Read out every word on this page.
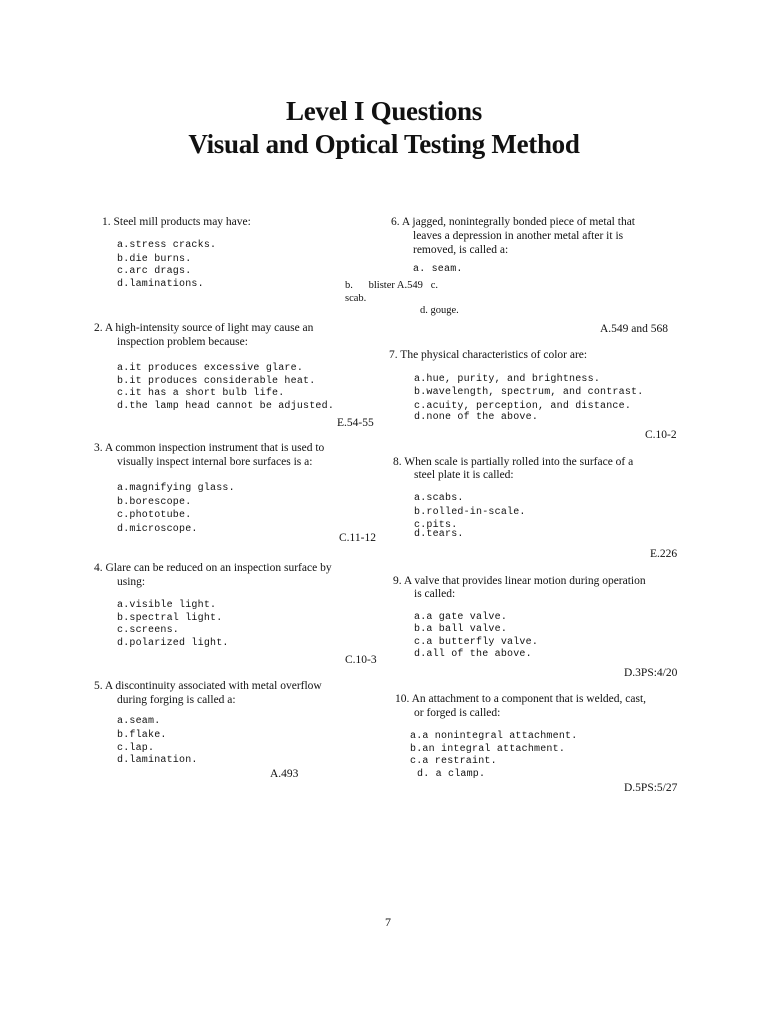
Level I Questions
Visual and Optical Testing Method
1. Steel mill products may have:
a.stress cracks.
b.die burns.
c.arc drags.
d.laminations.
2. A high-intensity source of light may cause an
inspection problem because:
a.it produces excessive glare.
b.it produces considerable heat.
c.it has a short bulb life.
d.the lamp head cannot be adjusted.
E.54-55
3. A common inspection instrument that is used to
visually inspect internal bore surfaces is a:
a.magnifying glass.
b.borescope.
c.phototube.
d.microscope.
C.11-12
4. Glare can be reduced on an inspection surface by
using:
a.visible light.
b.spectral light.
c.screens.
d.polarized light.
C.10-3
5. A discontinuity associated with metal overflow
during forging is called a:
a.seam.
b.flake.
c.lap.
d.lamination.
A.493
6. A jagged, nonintegrally bonded piece of metal that
leaves a depression in another metal after it is
removed, is called a:
a. seam.
b.      blister A.549   c.
scab.
d. gouge.
A.549 and 568
7. The physical characteristics of color are:
a.hue, purity, and brightness.
b.wavelength, spectrum, and contrast.
c.acuity, perception, and distance.
d.none of the above.
C.10-2
8. When scale is partially rolled into the surface of a
steel plate it is called:
a.scabs.
b.rolled-in-scale.
c.pits.
d.tears.
E.226
9. A valve that provides linear motion during operation
is called:
a.a gate valve.
b.a ball valve.
c.a butterfly valve.
d.all of the above.
D.3PS:4/20
10. An attachment to a component that is welded, cast,
or forged is called:
a.a nonintegral attachment.
b.an integral attachment.
c.a restraint.
d. a clamp.
D.5PS:5/27
7
